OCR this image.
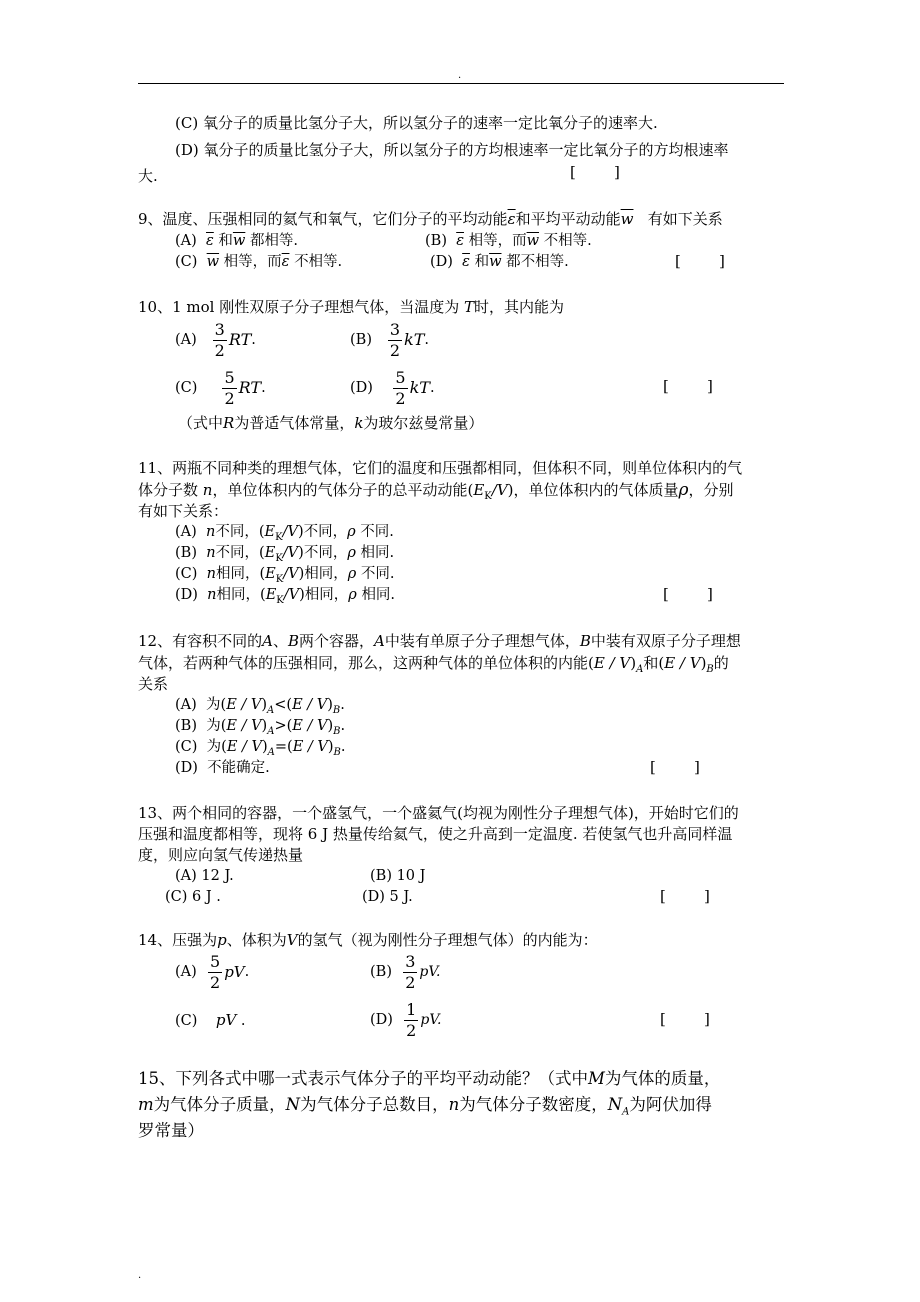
.
(C) 氧分子的质量比氢分子大，所以氢分子的速率一定比氧分子的速率大.
(D) 氧分子的质量比氢分子大，所以氢分子的方均根速率一定比氧分子的方均根速率
大.	[        ]
9、温度、压强相同的氦气和氧气，它们分子的平均动能$\overline{\varepsilon}$和平均平动动能$\overline{w}$ 有如下关系
(A) $\overline{\varepsilon}$ 和$\overline{w}$ 都相等.	(B) $\overline{\varepsilon}$ 相等，而$\overline{w}$ 不相等.
(C) $\overline{w}$ 相等，而$\overline{\varepsilon}$ 不相等.	(D) $\overline{\varepsilon}$ 和$\overline{w}$ 都不相等.	[        ]
10、1 mol 刚性双原子分子理想气体，当温度为 T时，其内能为
(A)
$\frac{3}{2}$ RT .	(B)
$\frac{3}{2}$ kT .
(C)
$\frac{5}{2}$ RT .	(D)
$\frac{5}{2}$ kT .	[        ]
（式中R为普适气体常量，k为玻尔兹曼常量）
11、两瓶不同种类的理想气体，它们的温度和压强都相同，但体积不同，则单位体积内的气
体分子数 n，单位体积内的气体分子的总平动动能$(E_K/V)$，单位体积内的气体质量ρ，分别
有如下关系：
(A) n不同，$(E_K/V)$不同，ρ 不同.
(B) n不同，$(E_K/V)$不同，ρ 相同.
(C) n相同，$(E_K/V)$相同，ρ 不同.
(D) n相同，$(E_K/V)$相同，ρ 相同.	[        ]
12、有容积不同的A、B两个容器，A中装有单原子分子理想气体，B中装有双原子分子理想
气体，若两种气体的压强相同，那么，这两种气体的单位体积的内能$(E / V)_A$和$(E / V)_B$的
关系
(A) 为$(E / V)_A<(E / V)_B$.
(B) 为$(E / V)_A>(E / V)_B$.
(C) 为$(E / V)_A=(E / V)_B$.
(D) 不能确定.	[        ]
13、两个相同的容器，一个盛氢气，一个盛氦气(均视为刚性分子理想气体)，开始时它们的
压强和温度都相等，现将 6 J 热量传给氦气，使之升高到一定温度. 若使氢气也升高同样温
度，则应向氢气传递热量
(A) 12 J.	(B) 10 J
(C) 6 J .	(D) 5 J.	[        ]
14、压强为p、体积为V的氢气（视为刚性分子理想气体）的内能为：
(A)
$\frac{5}{2}$ pV .	(B)
$\frac{3}{2}$ pV.
(C) pV .	(D)
$\frac{1}{2}$ pV.	[        ]
15、下列各式中哪一式表示气体分子的平均平动动能？（式中M为气体的质量，
m为气体分子质量，N为气体分子总数目，n为气体分子数密度，$N_A$为阿伏加得
罗常量）
.
